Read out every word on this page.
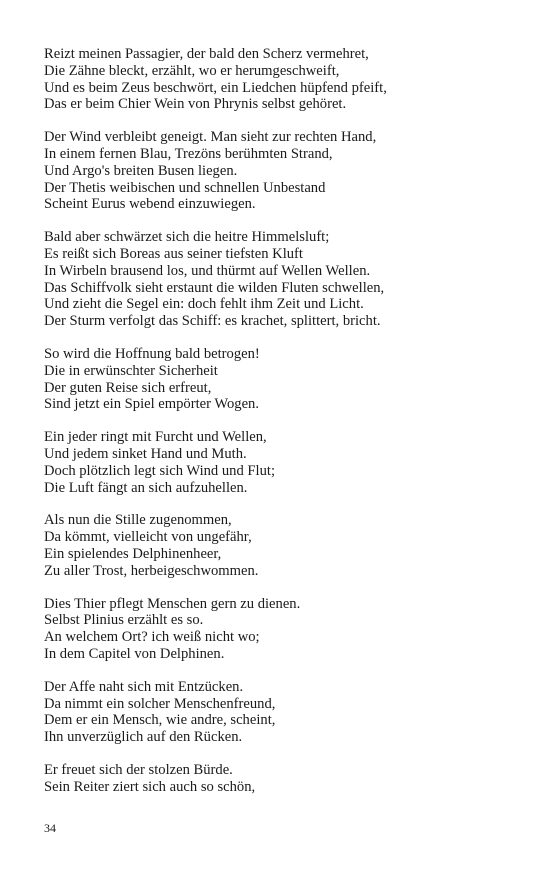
Reizt meinen Passagier, der bald den Scherz vermehret,
Die Zähne bleckt, erzählt, wo er herumgeschweift,
Und es beim Zeus beschwört, ein Liedchen hüpfend pfeift,
Das er beim Chier Wein von Phrynis selbst gehöret.
Der Wind verbleibt geneigt. Man sieht zur rechten Hand,
In einem fernen Blau, Trezöns berühmten Strand,
Und Argo's breiten Busen liegen.
Der Thetis weibischen und schnellen Unbestand
Scheint Eurus webend einzuwiegen.
Bald aber schwärzet sich die heitre Himmelsluft;
Es reißt sich Boreas aus seiner tiefsten Kluft
In Wirbeln brausend los, und thürmt auf Wellen Wellen.
Das Schiffvolk sieht erstaunt die wilden Fluten schwellen,
Und zieht die Segel ein: doch fehlt ihm Zeit und Licht.
Der Sturm verfolgt das Schiff: es krachet, splittert, bricht.
So wird die Hoffnung bald betrogen!
Die in erwünschter Sicherheit
Der guten Reise sich erfreut,
Sind jetzt ein Spiel empörter Wogen.
Ein jeder ringt mit Furcht und Wellen,
Und jedem sinket Hand und Muth.
Doch plötzlich legt sich Wind und Flut;
Die Luft fängt an sich aufzuhellen.
Als nun die Stille zugenommen,
Da kömmt, vielleicht von ungefähr,
Ein spielendes Delphinenheer,
Zu aller Trost, herbeigeschwommen.
Dies Thier pflegt Menschen gern zu dienen.
Selbst Plinius erzählt es so.
An welchem Ort? ich weiß nicht wo;
In dem Capitel von Delphinen.
Der Affe naht sich mit Entzücken.
Da nimmt ein solcher Menschenfreund,
Dem er ein Mensch, wie andre, scheint,
Ihn unverzüglich auf den Rücken.
Er freuet sich der stolzen Bürde.
Sein Reiter ziert sich auch so schön,
34
